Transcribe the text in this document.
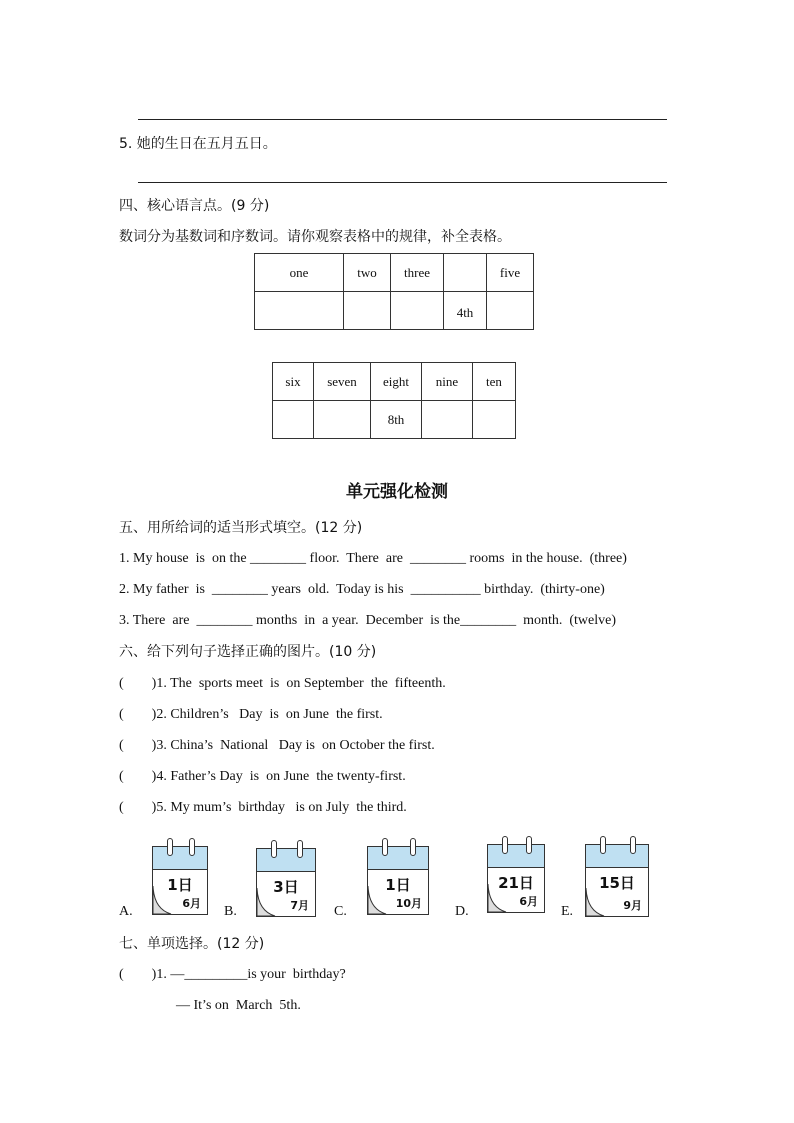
5. 她的生日在五月五日。
四、核心语言点。(9 分)
数词分为基数词和序数词。请你观察表格中的规律，补全表格。
one	two	three		five
			4th	
six	seven	eight	nine	ten
		8th		
单元强化检测
五、用所给词的适当形式填空。(12 分)
1. My house  is  on the ________ floor.  There  are  ________ rooms  in the house.  (three)
2. My father  is  ________ years  old.  Today is his  __________ birthday.  (thirty-one)
3. There  are  ________ months  in  a year.  December  is the________  month.  (twelve)
六、给下列句子选择正确的图片。(10 分)
(        )1. The  sports meet  is  on September  the  fifteenth.
(        )2. Children’s   Day  is  on June  the first.
(        )3. China’s  National   Day is  on October the first.
(        )4. Father’s Day  is  on June  the twenty-first.
(        )5. My mum’s  birthday   is on July  the third.
A.
1日
6月
B.
3日
7月 C.
1日
10月
D.
21日
6月
E.
15日
9月
七、单项选择。(12 分)
(        )1. —_________is your  birthday?
— It’s on  March  5th.
